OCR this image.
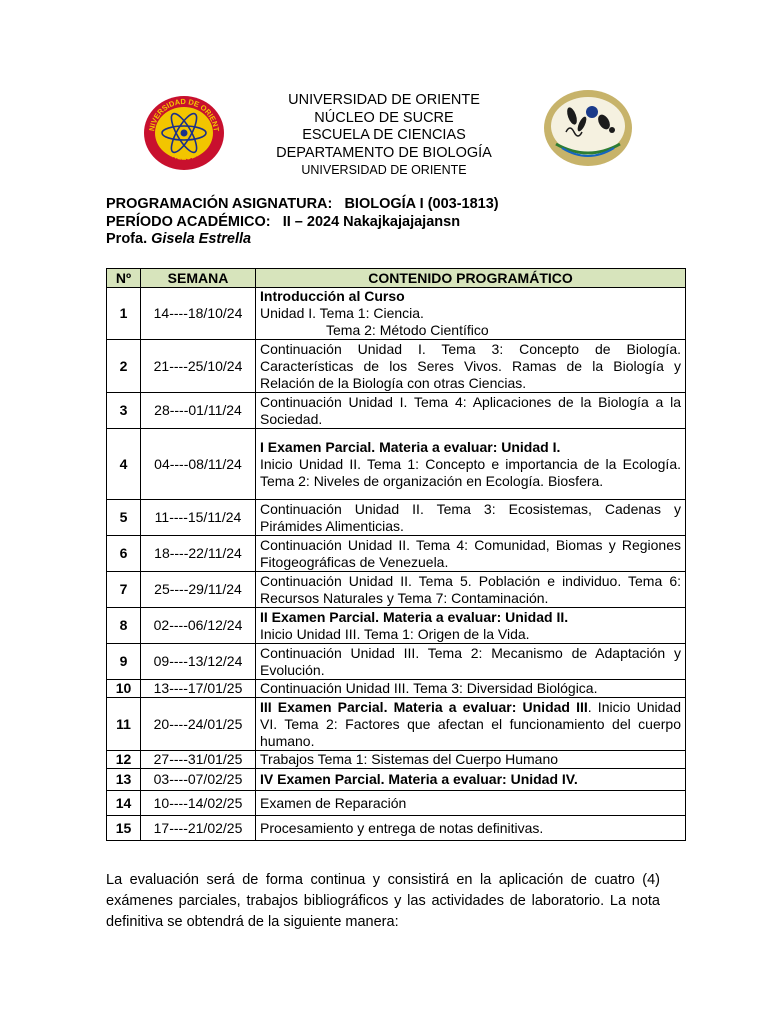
NIVERSIDAD DE ORIENT
VENEZUELA
UNIVERSIDAD DE ORIENTE
NÚCLEO DE SUCRE
ESCUELA DE CIENCIAS
DEPARTAMENTO DE BIOLOGÍA
UNIVERSIDAD DE ORIENTE
PROGRAMACIÓN ASIGNATURA: BIOLOGÍA I (003-1813)
PERÍODO ACADÉMICO: II – 2024 Nakajkajajajansn
Profa. Gisela Estrella
Nº	SEMANA	CONTENIDO PROGRAMÁTICO
1	14----18/10/24	Introducción al Curso
Unidad I. Tema 1: Ciencia.
Tema 2: Método Científico

2	21----25/10/24	Continuación Unidad I. Tema 3: Concepto de Biología. Características de los Seres Vivos. Ramas de la Biología y Relación de la Biología con otras Ciencias.
3	28----01/11/24	Continuación Unidad I. Tema 4: Aplicaciones de la Biología a la Sociedad.
4	04----08/11/24	I Examen Parcial. Materia a evaluar: Unidad I.
Inicio Unidad II. Tema 1: Concepto e importancia de la Ecología. Tema 2: Niveles de organización en Ecología. Biosfera.
5	11----15/11/24	Continuación Unidad II. Tema 3: Ecosistemas, Cadenas y Pirámides Alimenticias.
6	18----22/11/24	Continuación Unidad II. Tema 4: Comunidad, Biomas y Regiones Fitogeográficas de Venezuela.
7	25----29/11/24	Continuación Unidad II. Tema 5. Población e individuo. Tema 6: Recursos Naturales y Tema 7: Contaminación.
8	02----06/12/24	II Examen Parcial. Materia a evaluar: Unidad II.
Inicio Unidad III. Tema 1: Origen de la Vida.
9	09----13/12/24	Continuación Unidad III. Tema 2: Mecanismo de Adaptación y Evolución.
10	13----17/01/25	Continuación Unidad III. Tema 3: Diversidad Biológica.
11	20----24/01/25	III Examen Parcial. Materia a evaluar: Unidad III. Inicio Unidad VI. Tema 2: Factores que afectan el funcionamiento del cuerpo humano.
12	27----31/01/25	Trabajos Tema 1: Sistemas del Cuerpo Humano
13	03----07/02/25	IV Examen Parcial. Materia a evaluar: Unidad IV.
14	10----14/02/25	Examen de Reparación
15	17----21/02/25	Procesamiento y entrega de notas definitivas.
La evaluación será de forma continua y consistirá en la aplicación de cuatro (4) exámenes parciales, trabajos bibliográficos y las actividades de laboratorio. La nota definitiva se obtendrá de la siguiente manera:
